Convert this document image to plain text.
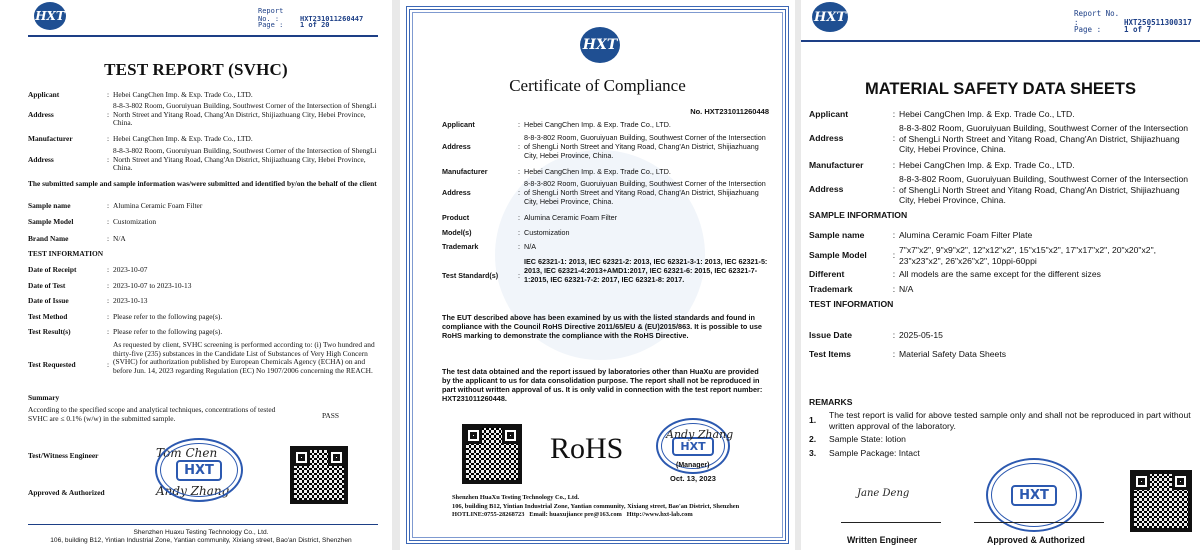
HXT	Report No. :	HXT231011260447
Page : 1 of 20
TEST REPORT (SVHC)
Applicant	: Hebei CangChen Imp. & Exp. Trade Co., LTD.
Address	:
8-8-3-802 Room, Guoruiyuan Building, Southwest Corner of the Intersection of ShengLi North Street and Yitang Road, Chang'An District, Shijiazhuang City, Hebei Province, China.
Manufacturer	: Hebei CangChen Imp. & Exp. Trade Co., LTD.
Address	:
8-8-3-802 Room, Guoruiyuan Building, Southwest Corner of the Intersection of ShengLi North Street and Yitang Road, Chang'An District, Shijiazhuang City, Hebei Province, China.
The submitted sample and sample information was/were submitted and identified by/on the behalf of the client
Sample name	: Alumina Ceramic Foam Filter
Sample Model	: Customization
Brand Name	: N/A
TEST INFORMATION
Date of Receipt	: 2023-10-07
Date of Test	: 2023-10-07 to 2023-10-13
Date of Issue	: 2023-10-13
Test Method	: Please refer to the following page(s).
Test Result(s)	: Please refer to the following page(s).
Test Requested	:
As requested by client, SVHC screening is performed according to: (i) Two hundred and thirty-five (235) substances in the Candidate List of Substances of Very High Concern (SVHC) for authorization published by European Chemicals Agency (ECHA) on and before Jun. 14, 2023 regarding Regulation (EC) No 1907/2006 concerning the REACH.
Summary
According to the specified scope and analytical techniques, concentrations of tested SVHC are ≤ 0.1% (w/w) in the submitted sample.	PASS
Test/Witness Engineer
Approved & Authorized
Tom Chen
Andy Zhang
HXT
Shenzhen Huaxu Testing Technology Co., Ltd.
106, building B12, Yintian Industrial Zone, Yantian community, Xixiang street, Bao'an District, Shenzhen
HXT
Certificate of Compliance
No. HXT231011260448
Applicant	: Hebei CangChen Imp. & Exp. Trade Co., LTD.
Address	:
8-8-3-802 Room, Guoruiyuan Building, Southwest Corner of the Intersection of ShengLi North Street and Yitang Road, Chang'An District, Shijiazhuang City, Hebei Province, China.
Manufacturer	: Hebei CangChen Imp. & Exp. Trade Co., LTD.
Address	:
8-8-3-802 Room, Guoruiyuan Building, Southwest Corner of the Intersection of ShengLi North Street and Yitang Road, Chang'An District, Shijiazhuang City, Hebei Province, China.
Product	: Alumina Ceramic Foam Filter
Model(s)	: Customization
Trademark	: N/A
Test Standard(s)	:
IEC 62321-1: 2013, IEC 62321-2: 2013, IEC 62321-3-1: 2013, IEC 62321-5: 2013, IEC 62321-4:2013+AMD1:2017, IEC 62321-6: 2015, IEC 62321-7-1:2015, IEC 62321-7-2: 2017, IEC 62321-8: 2017.
The EUT described above has been examined by us with the listed standards and found in compliance with the Council RoHS Directive 2011/65/EU & (EU)2015/863. It is possible to use RoHS marking to demonstrate the compliance with the RoHS Directive.
The test data obtained and the report issued by laboratories other than HuaXu are provided by the applicant to us for data consolidation purpose. The report shall not be reproduced in part without written approval of us. It is only valid in connection with the test report number: HXT231011260448.
RoHS	HXT
Andy Zhang
(Manager)
Oct. 13, 2023
Shenzhen HuaXu Testing Technology Co., Ltd.
106, building B12, Yintian Industrial Zone, Yantian community, Xixiang street, Bao'an District, Shenzhen
HOTLINE:0755-28268723 Email: huaxujiance pre@163.com Http://www.hxt-lab.com
HXT	Report No. :	HXT250511300317
Page :	1 of 7
MATERIAL SAFETY DATA SHEETS
Applicant	: Hebei CangChen Imp. & Exp. Trade Co., LTD.
Address	:
8-8-3-802 Room, Guoruiyuan Building, Southwest Corner of the Intersection of ShengLi North Street and Yitang Road, Chang'An District, Shijiazhuang City, Hebei Province, China.
Manufacturer	: Hebei CangChen Imp. & Exp. Trade Co., LTD.
Address	:
8-8-3-802 Room, Guoruiyuan Building, Southwest Corner of the Intersection of ShengLi North Street and Yitang Road, Chang'An District, Shijiazhuang City, Hebei Province, China.
SAMPLE INFORMATION
Sample name	: Alumina Ceramic Foam Filter Plate
Sample Model	: 7"x7"x2", 9"x9"x2", 12"x12"x2", 15"x15"x2", 17"x17"x2", 20"x20"x2", 23"x23"x2", 26"x26"x2", 10ppi-60ppi
Different	: All models are the same except for the different sizes
Trademark	: N/A
TEST INFORMATION
Issue Date	: 2025-05-15
Test Items	: Material Safety Data Sheets
REMARKS
1.	The test report is valid for above tested sample only and shall not be reproduced in part without written approval of the laboratory.
2.	Sample State: lotion
3.	Sample Package: Intact
Jane Deng
Written Engineer
HXT
Approved & Authorized
